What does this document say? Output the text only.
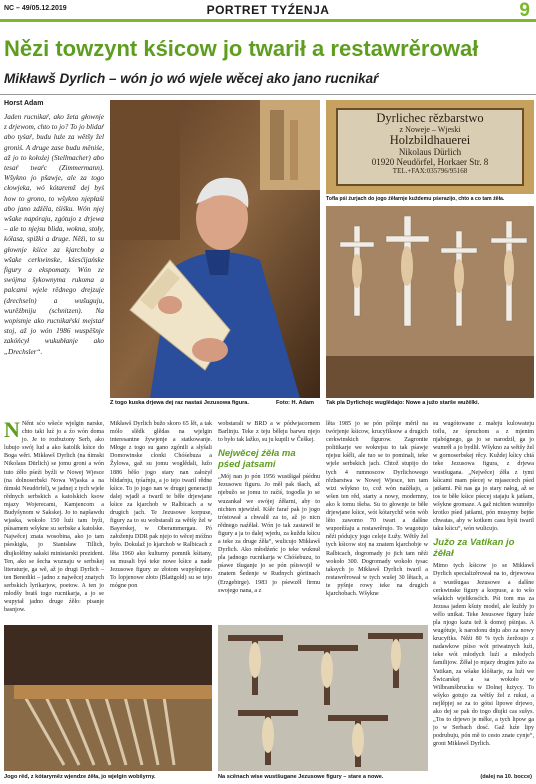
NC – 49/05.12.2019	PORTRET TYŹENJA	9
Nězi towzynt kśicow jo twarił a restawrěrował
Mikławš Dyrlich – wón jo wó wjele wěcej ako jano rucnikaŕ
Horst Adam
Jaden rucnikaŕ, ako žeta głownje z drjewom, chto to jo? To jo blidaŕ abo tyśaŕ, budu luźe za wětšy žel groniś. A druge zase budu měniśe, až jo to kołoźej (Stellmacher) abo tesaŕ twaŕc (Zimmermann). Wšykno jo pšawje, ale za togo cłowjeka, wó kótaremž dej byś how to grono, to wšykno njepłaśi abo jano zdźěla, tśiśku. Wón njej wšake napóraju, zgótujo z drjewa – ale to njejsu blida, wokna, stoły, kólasa, spižki a druge. Něźi, to su głownje kśice za kjarchoby a wšake cerkwinske, kśesćijańske figury a ekspomaty. Wón ze swójma šykownyma rukoma a palcami wjele rědnego drejzuje (drechseln) a wušuguju, wurěźbniju (schnitzen). Na wopismje ako rucnikaŕski mejstaŕ stoj, až jo wón 1986 wuspěšnje zakóńcył wukubłanje ako „Drechsler“.
Z togo kuska drjewa dej raz nastaś Jezusowa figura.	Foto: H. Adam
Dyrlichec rězbarstwo
z Noweje – Wjeski
Holzbildhauerei
Nikolaus Dürlich
01920 Neudörfel, Horkaer Str. 8
TEL.+FAX:035796/95168
Tofla pśi źurjach do jogo źěłarnje kuždemu pśerazijo, chto a co tam źěła.
Tak pla Dyrlichojc wuglědajo: Nowe a južo starše wužělki.
N Něnt sćo wšeće wjelgin narske, chto taki luź jo a źo wón doma jo. Je to rozbużony Serb, ako lubujo swój lud a ako katolik kśice do Boga wěri. Mikławš Dyrlich (na ńimski Nikolaus Dürlich) se jomu groni a wón tuto źěło pśeźi byźli w Nowej Wjesce (na dolnoserbski Nowa Wjaska a na ńimski Neudörfel), w jadnej z tych wjele rědnych serbskich a katolskich ksow mjazy Wojerecami, Kamjencom a Budyšynom w Sakskej. Jo to napšawdu wjaska, wokoło 150 luźi tam byźi, pśisamem wšykne su serbske a katolske. Najwěcej znata wosobina, ako jo tam pśeskigła, jo Stanisław Tillich, dłujkolětny sakski ministarski prezident. Ten, ako se šecha wuznaju w serbskej literaturje, ga wě, až jo drugi Dyrlich – ten Benedikt – jadno z najwěcej znatych serbskich lyrikarjow, poetow. A ten jo młodšy bratš togo rucnikarja, a jo se wupytał jadno druge źěło: pisanje basnjow.

Mikławš Dyrlich bužo skoro 65 lět, a tak mólo slědk glědas na wjelgin interesantne žywjenje a statkowanje. Młoge z togo su gano zgónili a słyšali Domowinske clonki Chóśebuza a Žylowa, gaž su jomu woglědali, lužo 1886 běšo jogo stary nan założył blidaŕnju, tyśaŕnju, a jo tejo twaril rědne kśice. To jo jogo nan w drugej generaciji dalej wjadł a twaril te běłe drjewjane kśice za kjarchob w Ralbicach a w drugich jach. Te Jezusowe korpuse, figury za to su wobstarali za wětšy žel w Bayerskej, w Oberammergau. Pó załoženju DDR pak njejo to wěcej móžno było. Dokulaž jo kjarchob w Ralbicach z lěta 1960 ako kulturny pomnik kśitany, su musali byś teke nowe kśice a nade Jezusowe figury ze złotom wupyšnjone. To lopjenowe złoto (Blattgold) su se tejo mógne pon

wobstarali w BRD a w pódwjacornem Barlinju. Teke z teju běleju barwu njejo to było tak lažko, su ju kupili w Češkej.

Nejwěcej źěła ma pśed jatsami

„Mój nan jo pón 1956 wustšigał pśédnu Jezusowu figuru. Jo měł pak tšach, až njebužo se jomu to raźiś, togodla jo se wuzankał we swójej źěłarni, aby to nichten njewiźeł. Kśěr faraŕ pak jo jogo tróstował a chwalił za to, až jo nicn rědnego naźěłał. Wón jo tak zastawił te figury a ja to dalej wjedu, za kuždu kśicu a teke za druge źěła“, wulicujo Mikławš Dyrlich. Ako młodźeńc jo teke wuknuł pla jadnogo rucnikarja w Chóśebuzu, to pśawe tšuganje jo se pón pśiswojił w znatem Šedenje w Rudnych góriinach (Erzgebirge). 1983 jo pśewzěł firmu swojego nana, a z

lěta 1985 jo se pón pólnje měrił na twórjenje kśicow, krucyfiksow a drugich cerkwinskich figurow. Zagronite politikarje we wokrejsu to tak pśawje njejsu kśěli, ale tuo se to pominali, teke wjele serbskich jach. Chtož stupijo do tych 4 rumnoscow Dyrlichowego rězbarstwa w Nowej Wjesce, ten tam wizi wšykno to, což wón naźěłajo, a wšen ten rěd, starty a nowy, modernny, ako k tomu tšeba. Su to głownje te běłe drjewjane kśice, wót kótarychž wón wób lěto zawomo 70 twari a dalšne wuporěźaju a restawrěrujo. To wugotujo něźi pódujcy jogo celeje Łužy. Wětšy žel tych kśicow stoj na znatem kjarchobje w Ralbicach, dogromady jo jich tam něźi wokoło 300. Dogromady wokoło tysac taksych jo Mikławš Dyrlich twaril a restawrěrował w tych wušej 30 lětach, a te pyšnje rowy teke na drugich kjarchobach. Wšykne

su wugótowane z małeju kulowateju toflu, ze śpruchom a z mjenim njabógnego, ga jo se narodził, ga jo wumrěł a jo bydlił. Wšykno za wětšy žel w gornoserbskej rěcy. Kuždej kśicy chtá teke Jezusowa figura, z drjewa wustšugana. „Nejwěcej źěła z tymi kśicami mam pśecej w mjasecech pśed jatšami. Pśi nas ga jo stary nałog, až se tos te běłe kśice pśecej stajaju k jatšam, wšykne gromaze. A gaž nichten wumrějo krotko pśed jatšami, pón musymy bejńe chwatas, aby w kotkem casu byśi twaril taku kśicu“, wón wulicujo.

Južo za Vatikan jo źěłał

Mimo tych kśicow jo se Mikławš Dyrlich specializěrował na to, drjewowa a wustšugaa Jezusowe a dalšne cerkwinske figury a korpuse, a to wšo wšakich wjelikosćich. Pśi tom ma za Jezusa jadem kšuty model, ale kuždy jo wělo unikat. Teke Jesusowe figury luźe pla njogo każu tež k domoj pśinjas. A wugótuje, k narodonu dnju abo za nowy krucyfiks. Něźi 80 % tych źeržoujo z nadawkow pśiso wót priwatnych luźi, teke wót młodych luźi a młodych familijow. Źěłał jo mjazy drugim južo za Vatikan, za wšake klóštarje, za luźi we Šwicarskej a sa wokoło w Wilbramšbrucku w Dolnej łużycy. To wšyko gotujo za wětšy žel z rukui, a nejlěpjej se za to gótsi lipowe drjewo, ako dej se pak do togo dłujki cas sušys. „Tos to drjewo je měke, a tych lipow ga jo w Serbach dosć. Gaž luźe lipy podrubuju, pón mě to cesto znate cynje“, groni Mikławš Dyrlich.

Jogo rěd, z kótaryměz wjendze źěła, jo wjelgin wobšyrny.	Na scěnach wise wustšugane Jezusowe figury – stare a nowe.	(dalej na 10. bocce)
